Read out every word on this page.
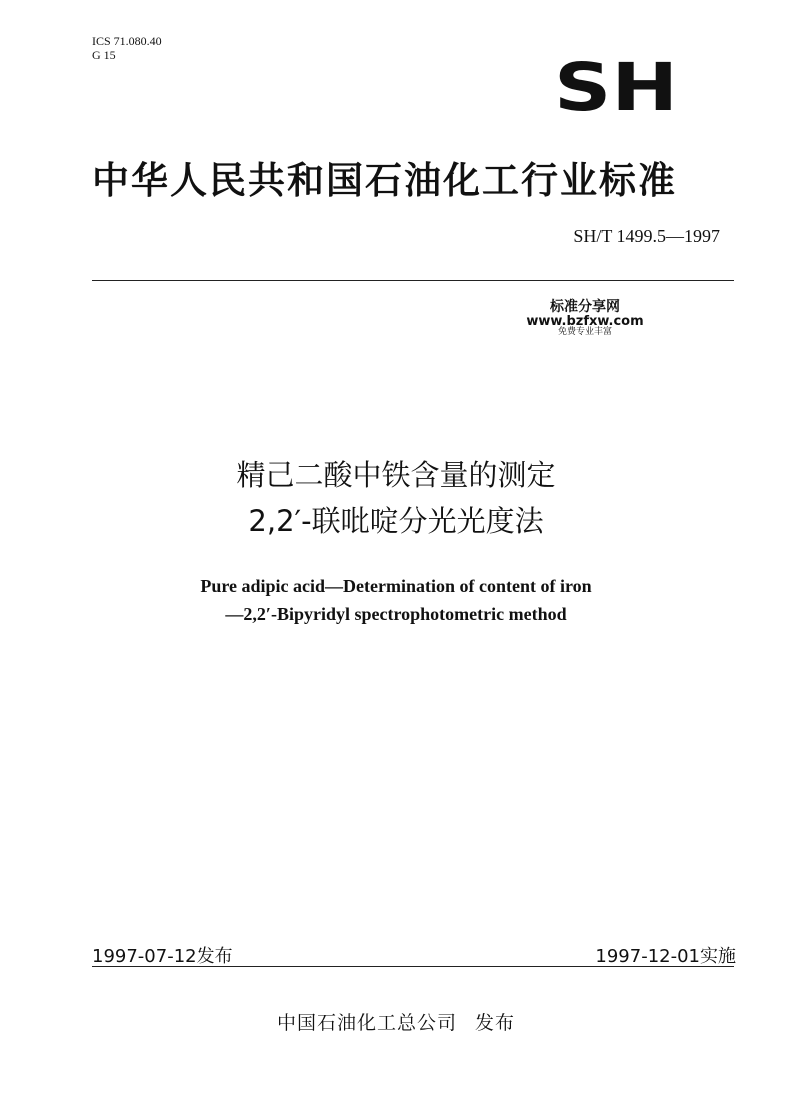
ICS 71.080.40
G 15	SH
中华人民共和国石油化工行业标准
SH/T 1499.5—1997
标准分享网
www.bzfxw.com
免费专业丰富
精己二酸中铁含量的测定
2,2′-联吡啶分光光度法
Pure adipic acid—Determination of content of iron
—2,2′-Bipyridyl spectrophotometric method
1997-07-12发布	1997-12-01实施
中国石油化工总公司 发布
